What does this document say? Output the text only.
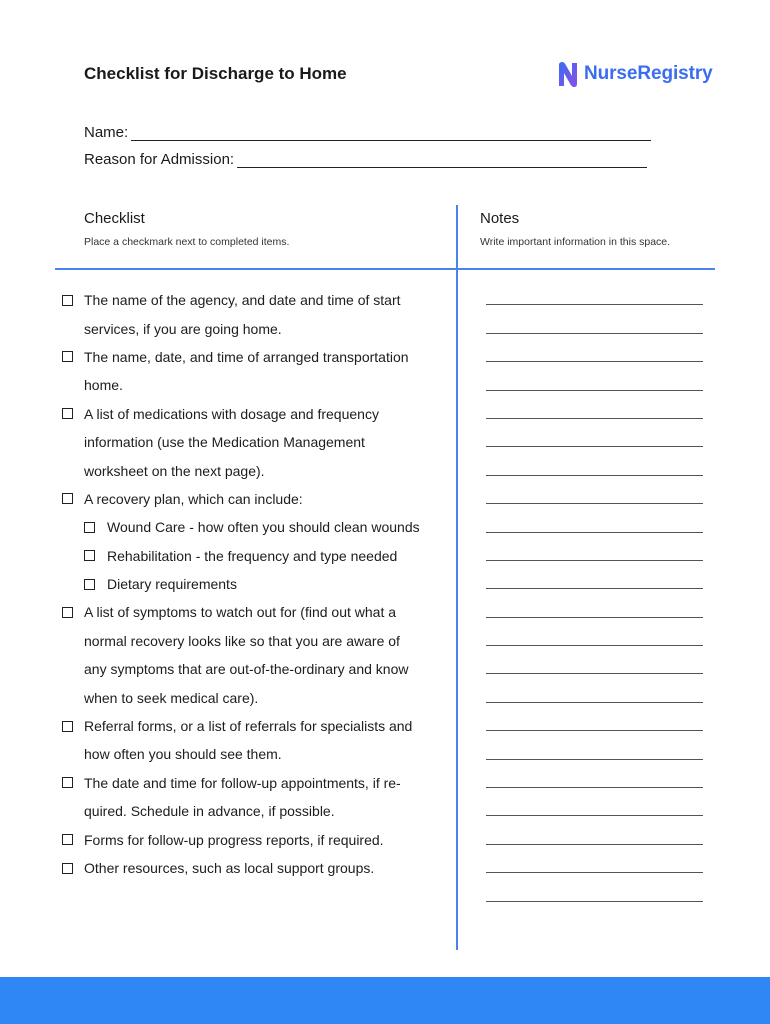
Checklist for Discharge to Home	NurseRegistry
Name:
Reason for Admission:
Checklist
Place a checkmark next to completed items.
Notes
Write important information in this space.
The name of the agency, and date and time of start
services, if you are going home.
The name, date, and time of arranged transportation
home.
A list of medications with dosage and frequency
information (use the Medication Management
worksheet on the next page).
A recovery plan, which can include:
Wound Care - how often you should clean wounds
Rehabilitation - the frequency and type needed
Dietary requirements
A list of symptoms to watch out for (find out what a
normal recovery looks like so that you are aware of
any symptoms that are out-of-the-ordinary and know
when to seek medical care).
Referral forms, or a list of referrals for specialists and
how often you should see them.
The date and time for follow-up appointments, if re-
quired. Schedule in advance, if possible.
Forms for follow-up progress reports, if required.
Other resources, such as local support groups.
